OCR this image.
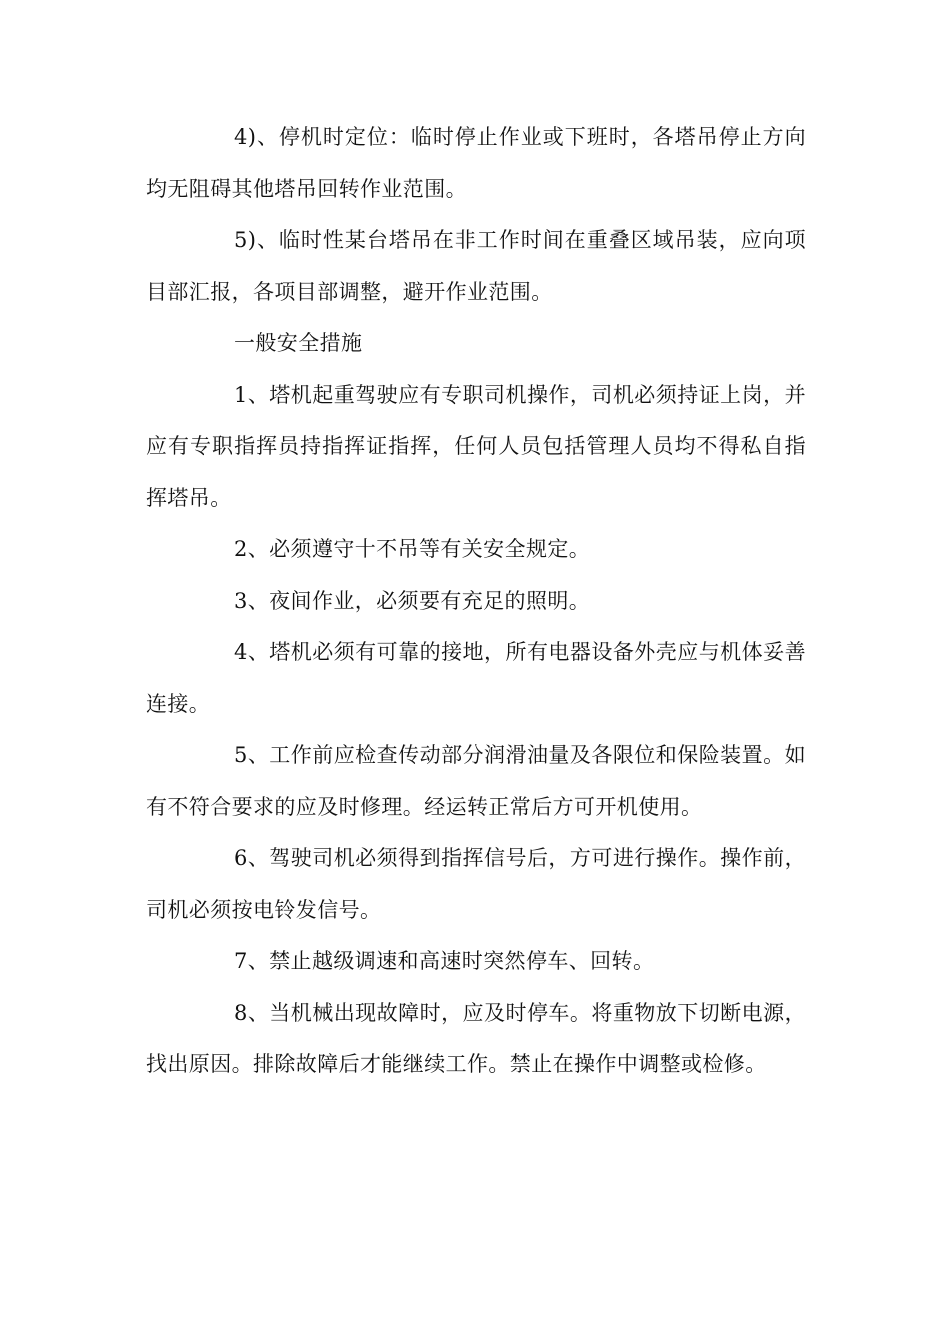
4)、停机时定位：临时停止作业或下班时，各塔吊停止方向均无阻碍其他塔吊回转作业范围。

5)、临时性某台塔吊在非工作时间在重叠区域吊装，应向项目部汇报，各项目部调整，避开作业范围。

一般安全措施

1、塔机起重驾驶应有专职司机操作，司机必须持证上岗，并应有专职指挥员持指挥证指挥，任何人员包括管理人员均不得私自指挥塔吊。

2、必须遵守十不吊等有关安全规定。

3、夜间作业，必须要有充足的照明。

4、塔机必须有可靠的接地，所有电器设备外壳应与机体妥善连接。

5、工作前应检查传动部分润滑油量及各限位和保险装置。如有不符合要求的应及时修理。经运转正常后方可开机使用。

6、驾驶司机必须得到指挥信号后，方可进行操作。操作前，司机必须按电铃发信号。

7、禁止越级调速和高速时突然停车、回转。

8、当机械出现故障时，应及时停车。将重物放下切断电源，找出原因。排除故障后才能继续工作。禁止在操作中调整或检修。
